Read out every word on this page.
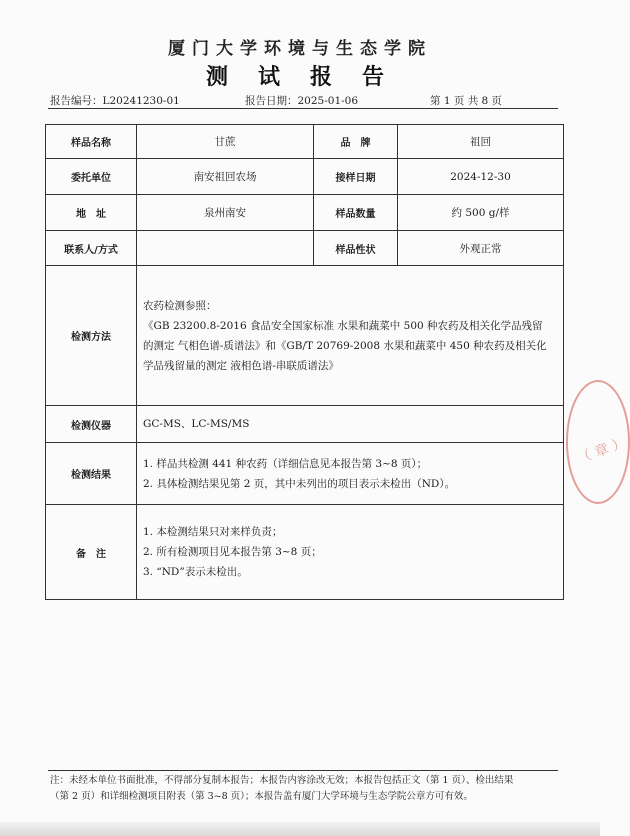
厦门大学环境与生态学院
测试报告
报告编号：L20241230-01	报告日期：2025-01-06	第 1 页 共 8 页
样品名称	甘蔗	品　牌	祖回
委托单位	南安祖回农场	接样日期	2024-12-30
地　址	泉州南安	样品数量	约 500 g/样
联系人/方式		样品性状	外观正常
检测方法	农药检测参照：
《GB 23200.8-2016 食品安全国家标准 水果和蔬菜中 500 种农药及相关化学品残留
的测定 气相色谱-质谱法》和《GB/T 20769-2008 水果和蔬菜中 450 种农药及相关化
学品残留量的测定 液相色谱-串联质谱法》		

检测仪器	GC-MS、LC-MS/MS		
检测结果	1. 样品共检测 441 种农药（详细信息见本报告第 3~8 页）；
2. 具体检测结果见第 2 页，其中未列出的项目表示未检出（ND）。		

备　注	1. 本检测结果只对来样负责；
2. 所有检测项目见本报告第 3~8 页；
3. “ND”表示未检出。		
（ 章 ）
注：未经本单位书面批准，不得部分复制本报告；本报告内容涂改无效；本报告包括正文（第 1 页）、检出结果
（第 2 页）和详细检测项目附表（第 3~8 页）；本报告盖有厦门大学环境与生态学院公章方可有效。
